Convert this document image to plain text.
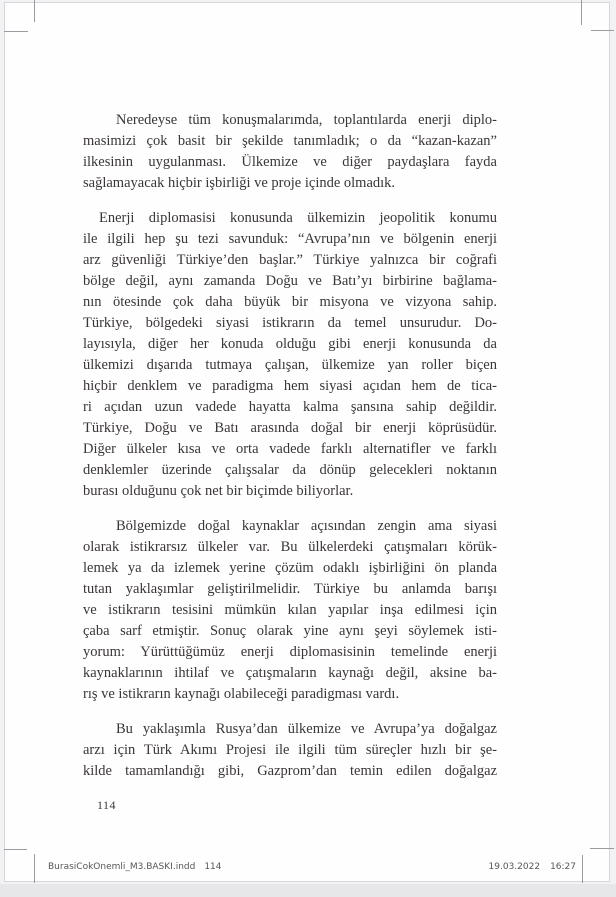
Neredeyse tüm konuşmalarımda, toplantılarda enerji diplo-
masimizi çok basit bir şekilde tanımladık; o da “kazan-kazan”
ilkesinin uygulanması. Ülkemize ve diğer paydaşlara fayda
sağlamayacak hiçbir işbirliği ve proje içinde olmadık.
Enerji diplomasisi konusunda ülkemizin jeopolitik konumu
ile ilgili hep şu tezi savunduk: “Avrupa’nın ve bölgenin enerji
arz güvenliği Türkiye’den başlar.” Türkiye yalnızca bir coğrafi
bölge değil, aynı zamanda Doğu ve Batı’yı birbirine bağlama-
nın ötesinde çok daha büyük bir misyona ve vizyona sahip.
Türkiye, bölgedeki siyasi istikrarın da temel unsurudur. Do-
layısıyla, diğer her konuda olduğu gibi enerji konusunda da
ülkemizi dışarıda tutmaya çalışan, ülkemize yan roller biçen
hiçbir denklem ve paradigma hem siyasi açıdan hem de tica-
ri açıdan uzun vadede hayatta kalma şansına sahip değildir.
Türkiye, Doğu ve Batı arasında doğal bir enerji köprüsüdür.
Diğer ülkeler kısa ve orta vadede farklı alternatifler ve farklı
denklemler üzerinde çalışsalar da dönüp gelecekleri noktanın
burası olduğunu çok net bir biçimde biliyorlar.
Bölgemizde doğal kaynaklar açısından zengin ama siyasi
olarak istikrarsız ülkeler var. Bu ülkelerdeki çatışmaları körük-
lemek ya da izlemek yerine çözüm odaklı işbirliğini ön planda
tutan yaklaşımlar geliştirilmelidir. Türkiye bu anlamda barışı
ve istikrarın tesisini mümkün kılan yapılar inşa edilmesi için
çaba sarf etmiştir. Sonuç olarak yine aynı şeyi söylemek isti-
yorum: Yürüttüğümüz enerji diplomasisinin temelinde enerji
kaynaklarının ihtilaf ve çatışmaların kaynağı değil, aksine ba-
rış ve istikrarın kaynağı olabileceği paradigması vardı.
Bu yaklaşımla Rusya’dan ülkemize ve Avrupa’ya doğalgaz
arzı için Türk Akımı Projesi ile ilgili tüm süreçler hızlı bir şe-
kilde tamamlandığı gibi, Gazprom’dan temin edilen doğalgaz
114
BurasiCokOnemli_M3.BASKI.indd 114	19.03.2022 16:27
